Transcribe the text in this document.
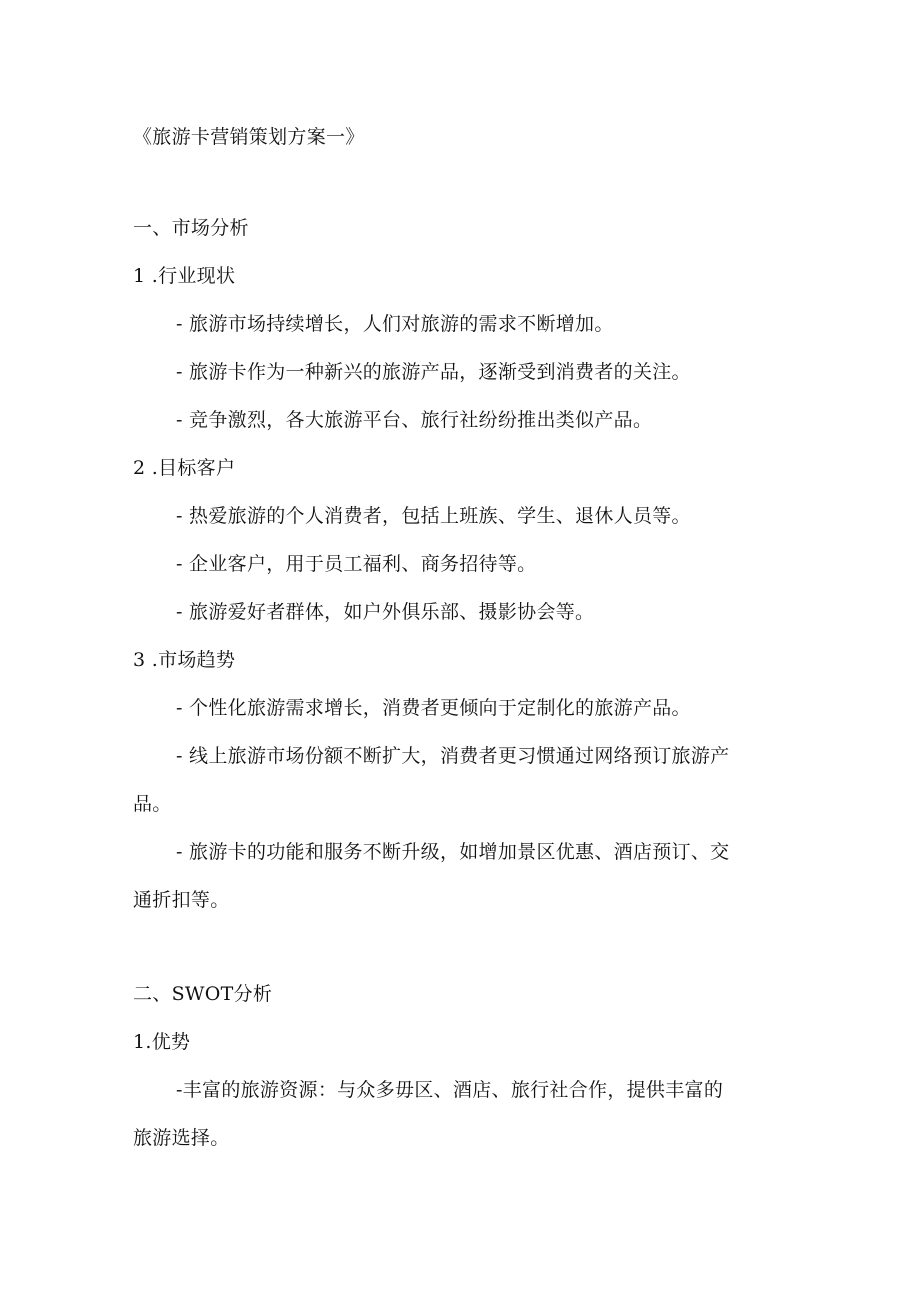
《旅游卡营销策划方案一》
一、市场分析
1 .行业现状
- 旅游市场持续增长，人们对旅游的需求不断增加。
- 旅游卡作为一种新兴的旅游产品，逐渐受到消费者的关注。
- 竞争激烈，各大旅游平台、旅行社纷纷推出类似产品。
2 .目标客户
- 热爱旅游的个人消费者，包括上班族、学生、退休人员等。
- 企业客户，用于员工福利、商务招待等。
- 旅游爱好者群体，如户外俱乐部、摄影协会等。
3 .市场趋势
- 个性化旅游需求增长，消费者更倾向于定制化的旅游产品。
- 线上旅游市场份额不断扩大，消费者更习惯通过网络预订旅游产
品。
- 旅游卡的功能和服务不断升级，如增加景区优惠、酒店预订、交
通折扣等。
二、SWOT分析
1.优势
-丰富的旅游资源：与众多毋区、酒店、旅行社合作，提供丰富的
旅游选择。
